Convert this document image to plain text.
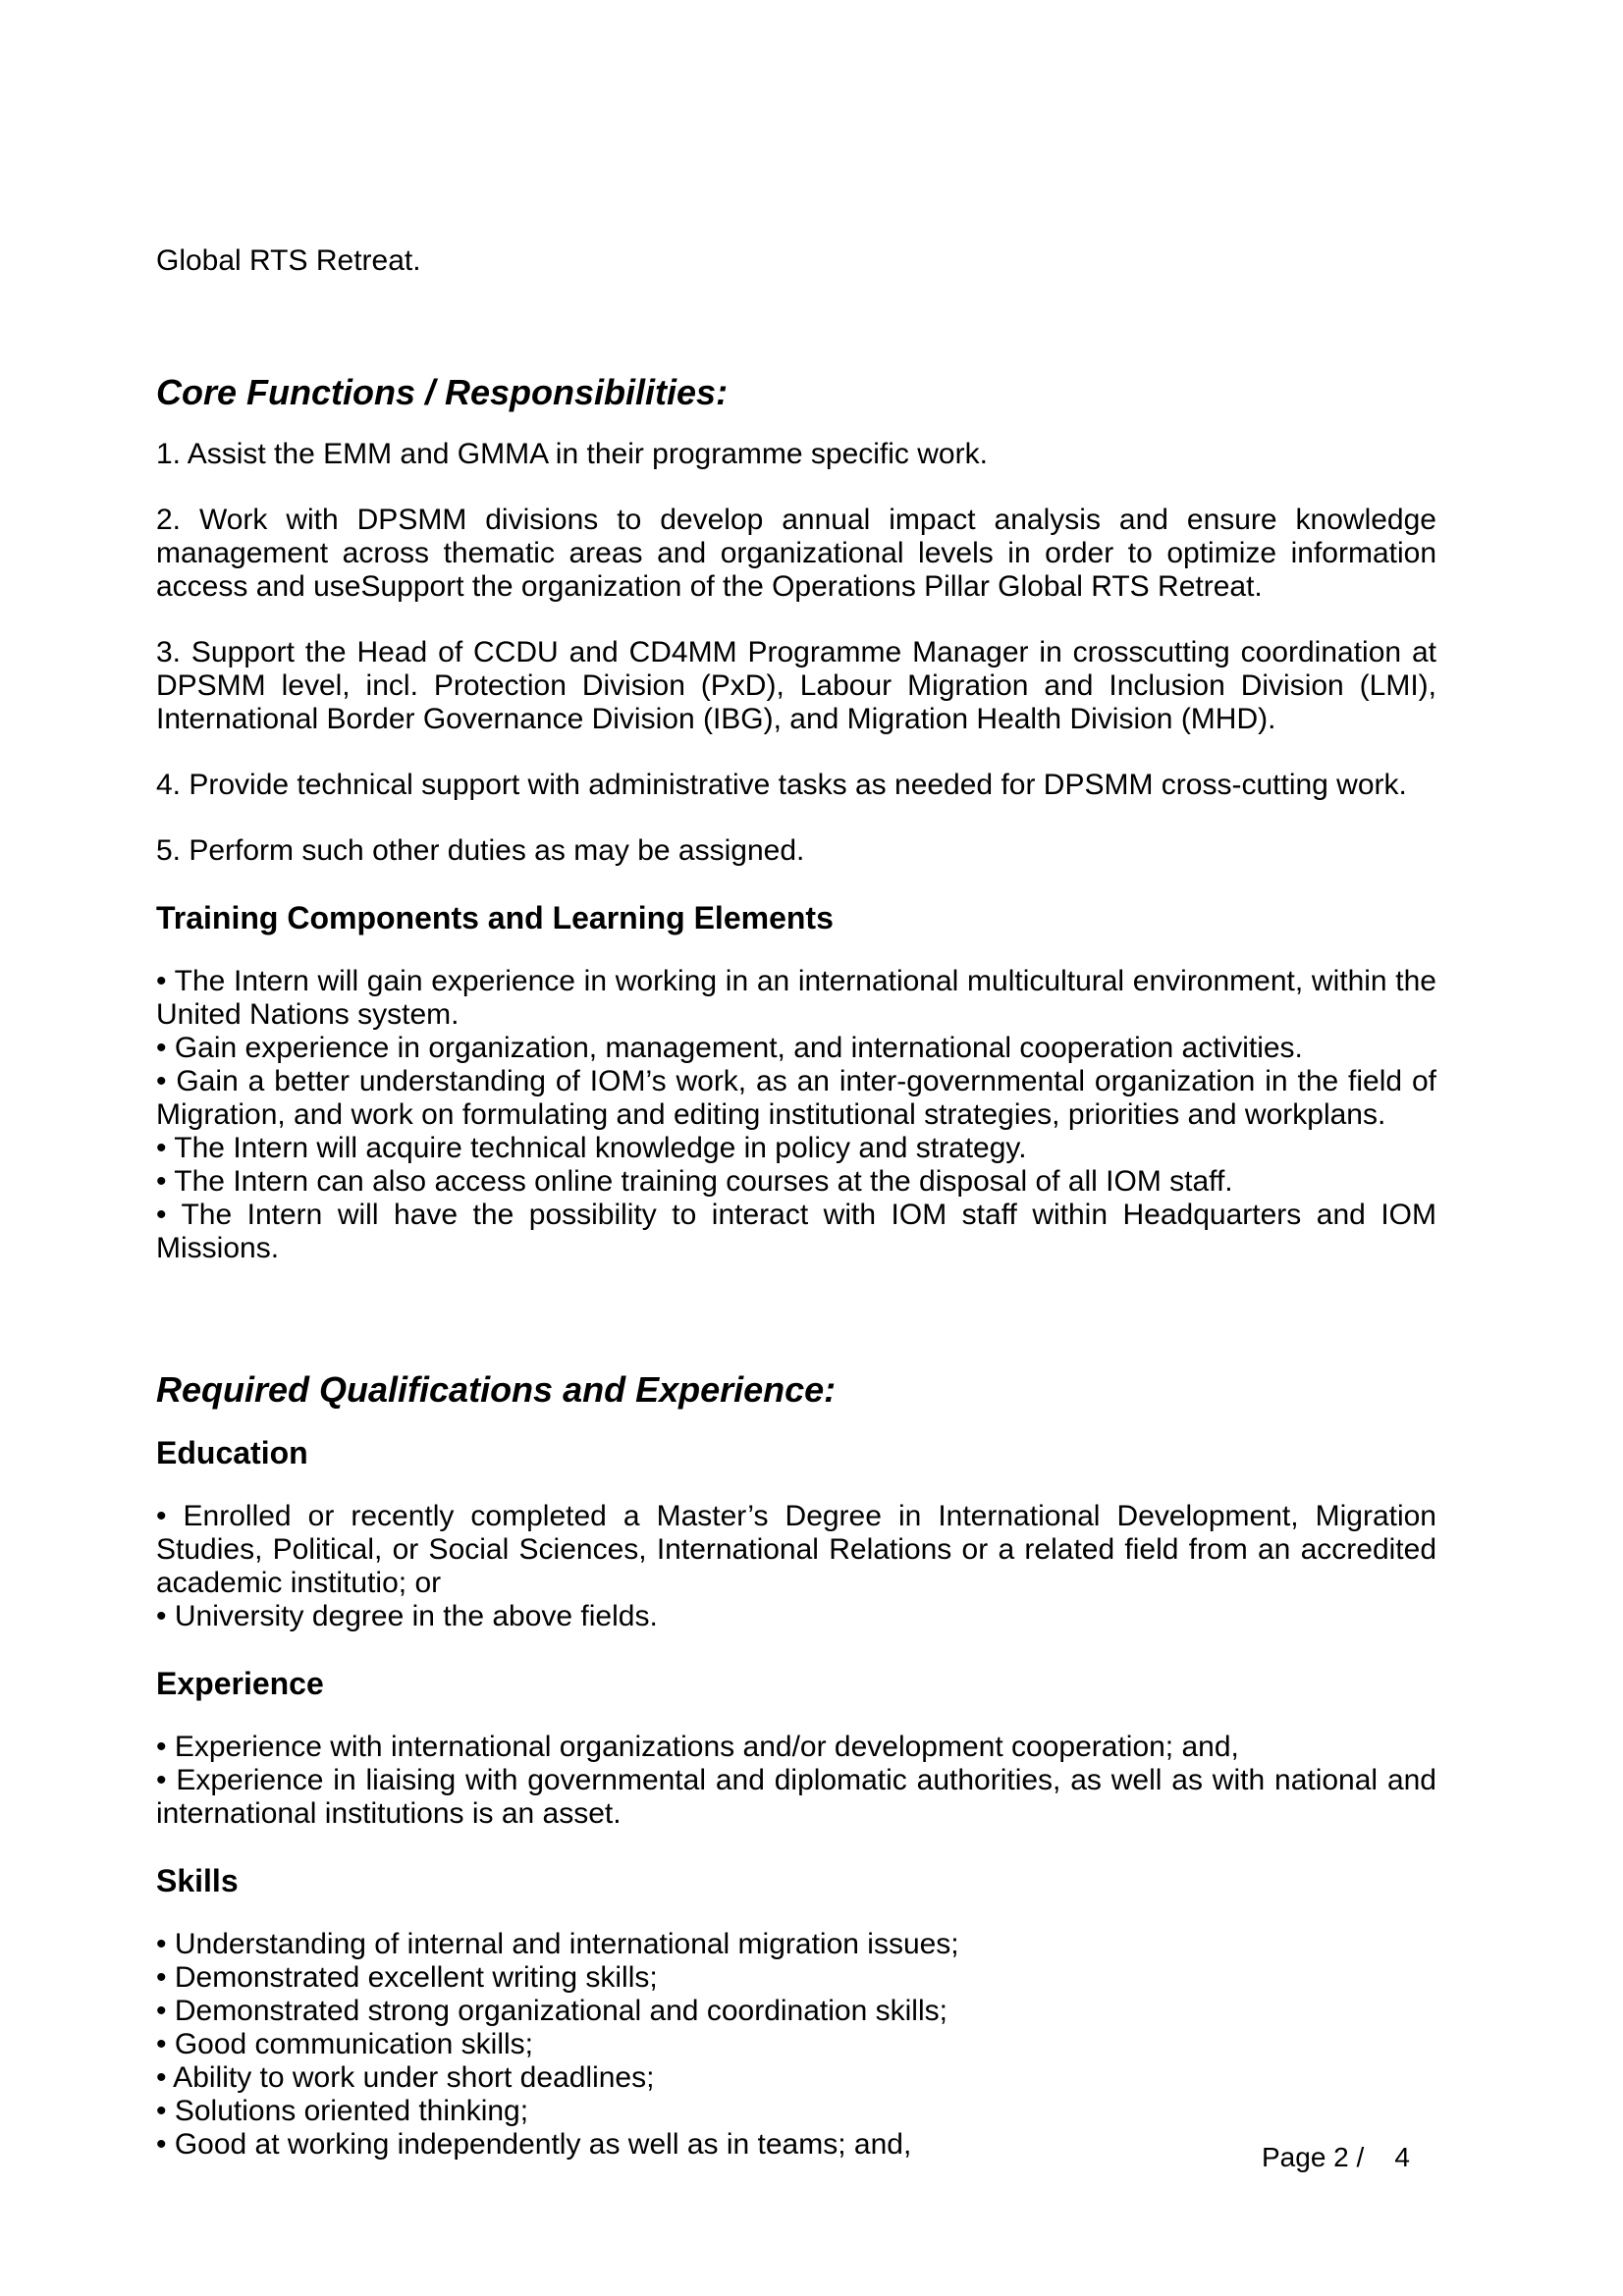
Global RTS Retreat.

Core Functions / Responsibilities:

1. Assist the EMM and GMMA in their programme specific work.

2. Work with DPSMM divisions to develop annual impact analysis and ensure knowledge management across thematic areas and organizational levels in order to optimize information access and useSupport the organization of the Operations Pillar Global RTS Retreat.

3. Support the Head of CCDU and CD4MM Programme Manager in crosscutting coordination at DPSMM level, incl. Protection Division (PxD), Labour Migration and Inclusion Division (LMI), International Border Governance Division (IBG), and Migration Health Division (MHD).

4. Provide technical support with administrative tasks as needed for DPSMM cross-cutting work.

5. Perform such other duties as may be assigned.

Training Components and Learning Elements

• The Intern will gain experience in working in an international multicultural environment, within the United Nations system.

• Gain experience in organization, management, and international cooperation activities.

• Gain a better understanding of IOM’s work, as an inter-governmental organization in the field of Migration, and work on formulating and editing institutional strategies, priorities and workplans.

• The Intern will acquire technical knowledge in policy and strategy.

• The Intern can also access online training courses at the disposal of all IOM staff.

• The Intern will have the possibility to interact with IOM staff within Headquarters and IOM Missions.

Required Qualifications and Experience:
Education

• Enrolled or recently completed a Master’s Degree in International Development, Migration Studies, Political, or Social Sciences, International Relations or a related field from an accredited academic institutio; or

• University degree in the above fields.

Experience

• Experience with international organizations and/or development cooperation; and,

• Experience in liaising with governmental and diplomatic authorities, as well as with national and international institutions is an asset.

Skills

• Understanding of internal and international migration issues;

• Demonstrated excellent writing skills;

• Demonstrated strong organizational and coordination skills;

• Good communication skills;

• Ability to work under short deadlines;

• Solutions oriented thinking;

• Good at working independently as well as in teams; and,	Page 2 /    4
